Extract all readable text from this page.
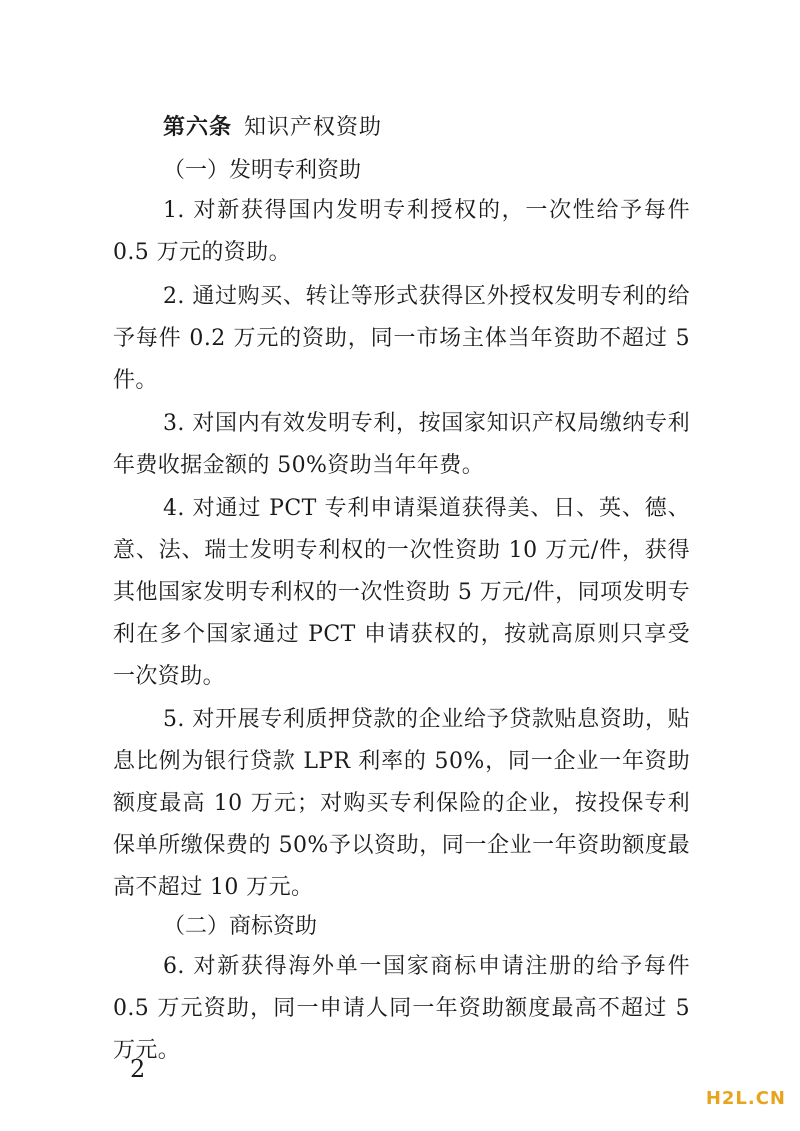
第六条 知识产权资助
（一）发明专利资助

1. 对新获得国内发明专利授权的，一次性给予每件 0.5 万元的资助。

2. 通过购买、转让等形式获得区外授权发明专利的给予每件 0.2 万元的资助，同一市场主体当年资助不超过 5 件。

3. 对国内有效发明专利，按国家知识产权局缴纳专利年费收据金额的 50%资助当年年费。

4. 对通过 PCT 专利申请渠道获得美、日、英、德、意、法、瑞士发明专利权的一次性资助 10 万元/件，获得其他国家发明专利权的一次性资助 5 万元/件，同项发明专利在多个国家通过 PCT 申请获权的，按就高原则只享受一次资助。

5. 对开展专利质押贷款的企业给予贷款贴息资助，贴息比例为银行贷款 LPR 利率的 50%，同一企业一年资助额度最高 10 万元；对购买专利保险的企业，按投保专利保单所缴保费的 50%予以资助，同一企业一年资助额度最高不超过 10 万元。

（二）商标资助

6. 对新获得海外单一国家商标申请注册的给予每件 0.5 万元资助，同一申请人同一年资助额度最高不超过 5 万元。

2
H2L.CN
